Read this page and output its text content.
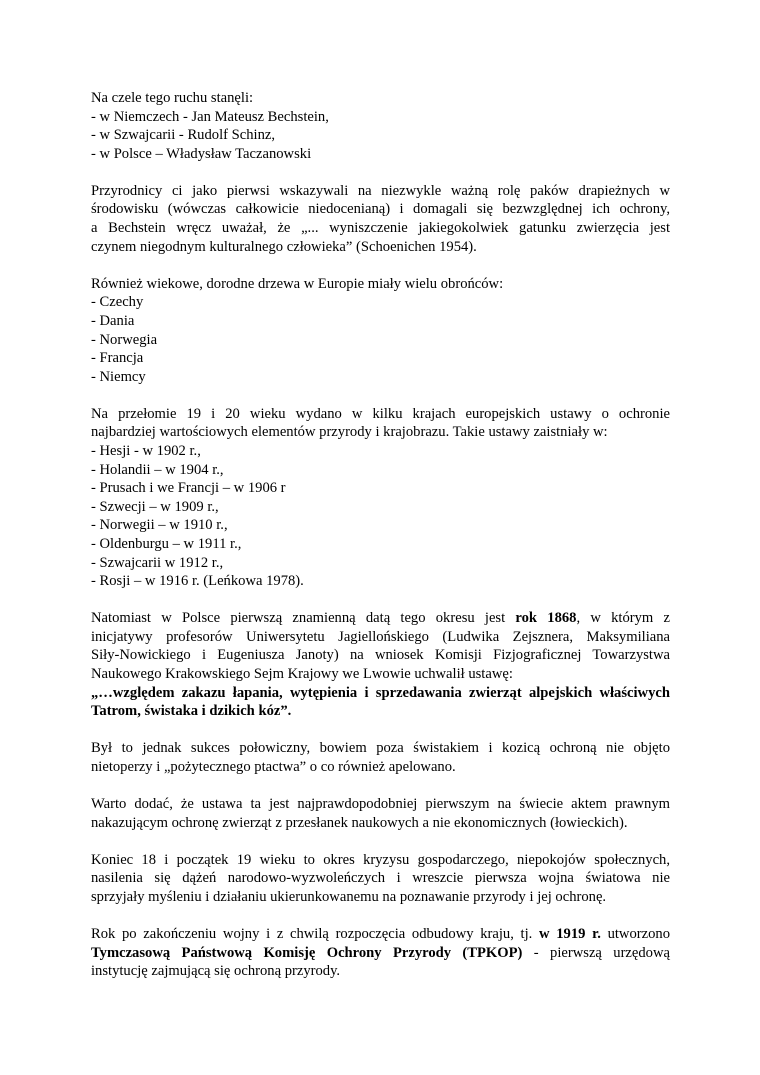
Na czele tego ruchu stanęli:
- w Niemczech - Jan Mateusz Bechstein,
- w Szwajcarii - Rudolf Schinz,
- w Polsce – Władysław Taczanowski
Przyrodnicy ci jako pierwsi wskazywali na niezwykle ważną rolę paków drapieżnych w
środowisku (wówczas całkowicie niedocenianą) i domagali się bezwzględnej ich ochrony,
a Bechstein wręcz uważał, że „... wyniszczenie jakiegokolwiek gatunku zwierzęcia jest
czynem niegodnym kulturalnego człowieka” (Schoenichen 1954).
Również wiekowe, dorodne drzewa w Europie miały wielu obrońców:
- Czechy
- Dania
- Norwegia
- Francja
- Niemcy
Na przełomie 19 i 20 wieku wydano w kilku krajach europejskich ustawy o ochronie
najbardziej wartościowych elementów przyrody i krajobrazu. Takie ustawy zaistniały w:
- Hesji - w 1902 r.,
- Holandii – w 1904 r.,
- Prusach i we Francji – w 1906 r
- Szwecji – w 1909 r.,
- Norwegii – w 1910 r.,
- Oldenburgu – w 1911 r.,
- Szwajcarii w 1912 r.,
- Rosji – w 1916 r. (Leńkowa 1978).
Natomiast w Polsce pierwszą znamienną datą tego okresu jest rok 1868, w którym z
inicjatywy profesorów Uniwersytetu Jagiellońskiego (Ludwika Zejsznera, Maksymiliana
Siły-Nowickiego i Eugeniusza Janoty) na wniosek Komisji Fizjograficznej Towarzystwa
Naukowego Krakowskiego Sejm Krajowy we Lwowie uchwalił ustawę:
„…względem zakazu łapania, wytępienia i sprzedawania zwierząt alpejskich właściwych
Tatrom, świstaka i dzikich kóz”.
Był to jednak sukces połowiczny, bowiem poza świstakiem i kozicą ochroną nie objęto
nietoperzy i „pożytecznego ptactwa” o co również apelowano.
Warto dodać, że ustawa ta jest najprawdopodobniej pierwszym na świecie aktem prawnym
nakazującym ochronę zwierząt z przesłanek naukowych a nie ekonomicznych (łowieckich).
Koniec 18 i początek 19 wieku to okres kryzysu gospodarczego, niepokojów społecznych,
nasilenia się dążeń narodowo-wyzwoleńczych i wreszcie pierwsza wojna światowa nie
sprzyjały myśleniu i działaniu ukierunkowanemu na poznawanie przyrody i jej ochronę.
Rok po zakończeniu wojny i z chwilą rozpoczęcia odbudowy kraju, tj. w 1919 r. utworzono
Tymczasową Państwową Komisję Ochrony Przyrody (TPKOP) - pierwszą urzędową
instytucję zajmującą się ochroną przyrody.
